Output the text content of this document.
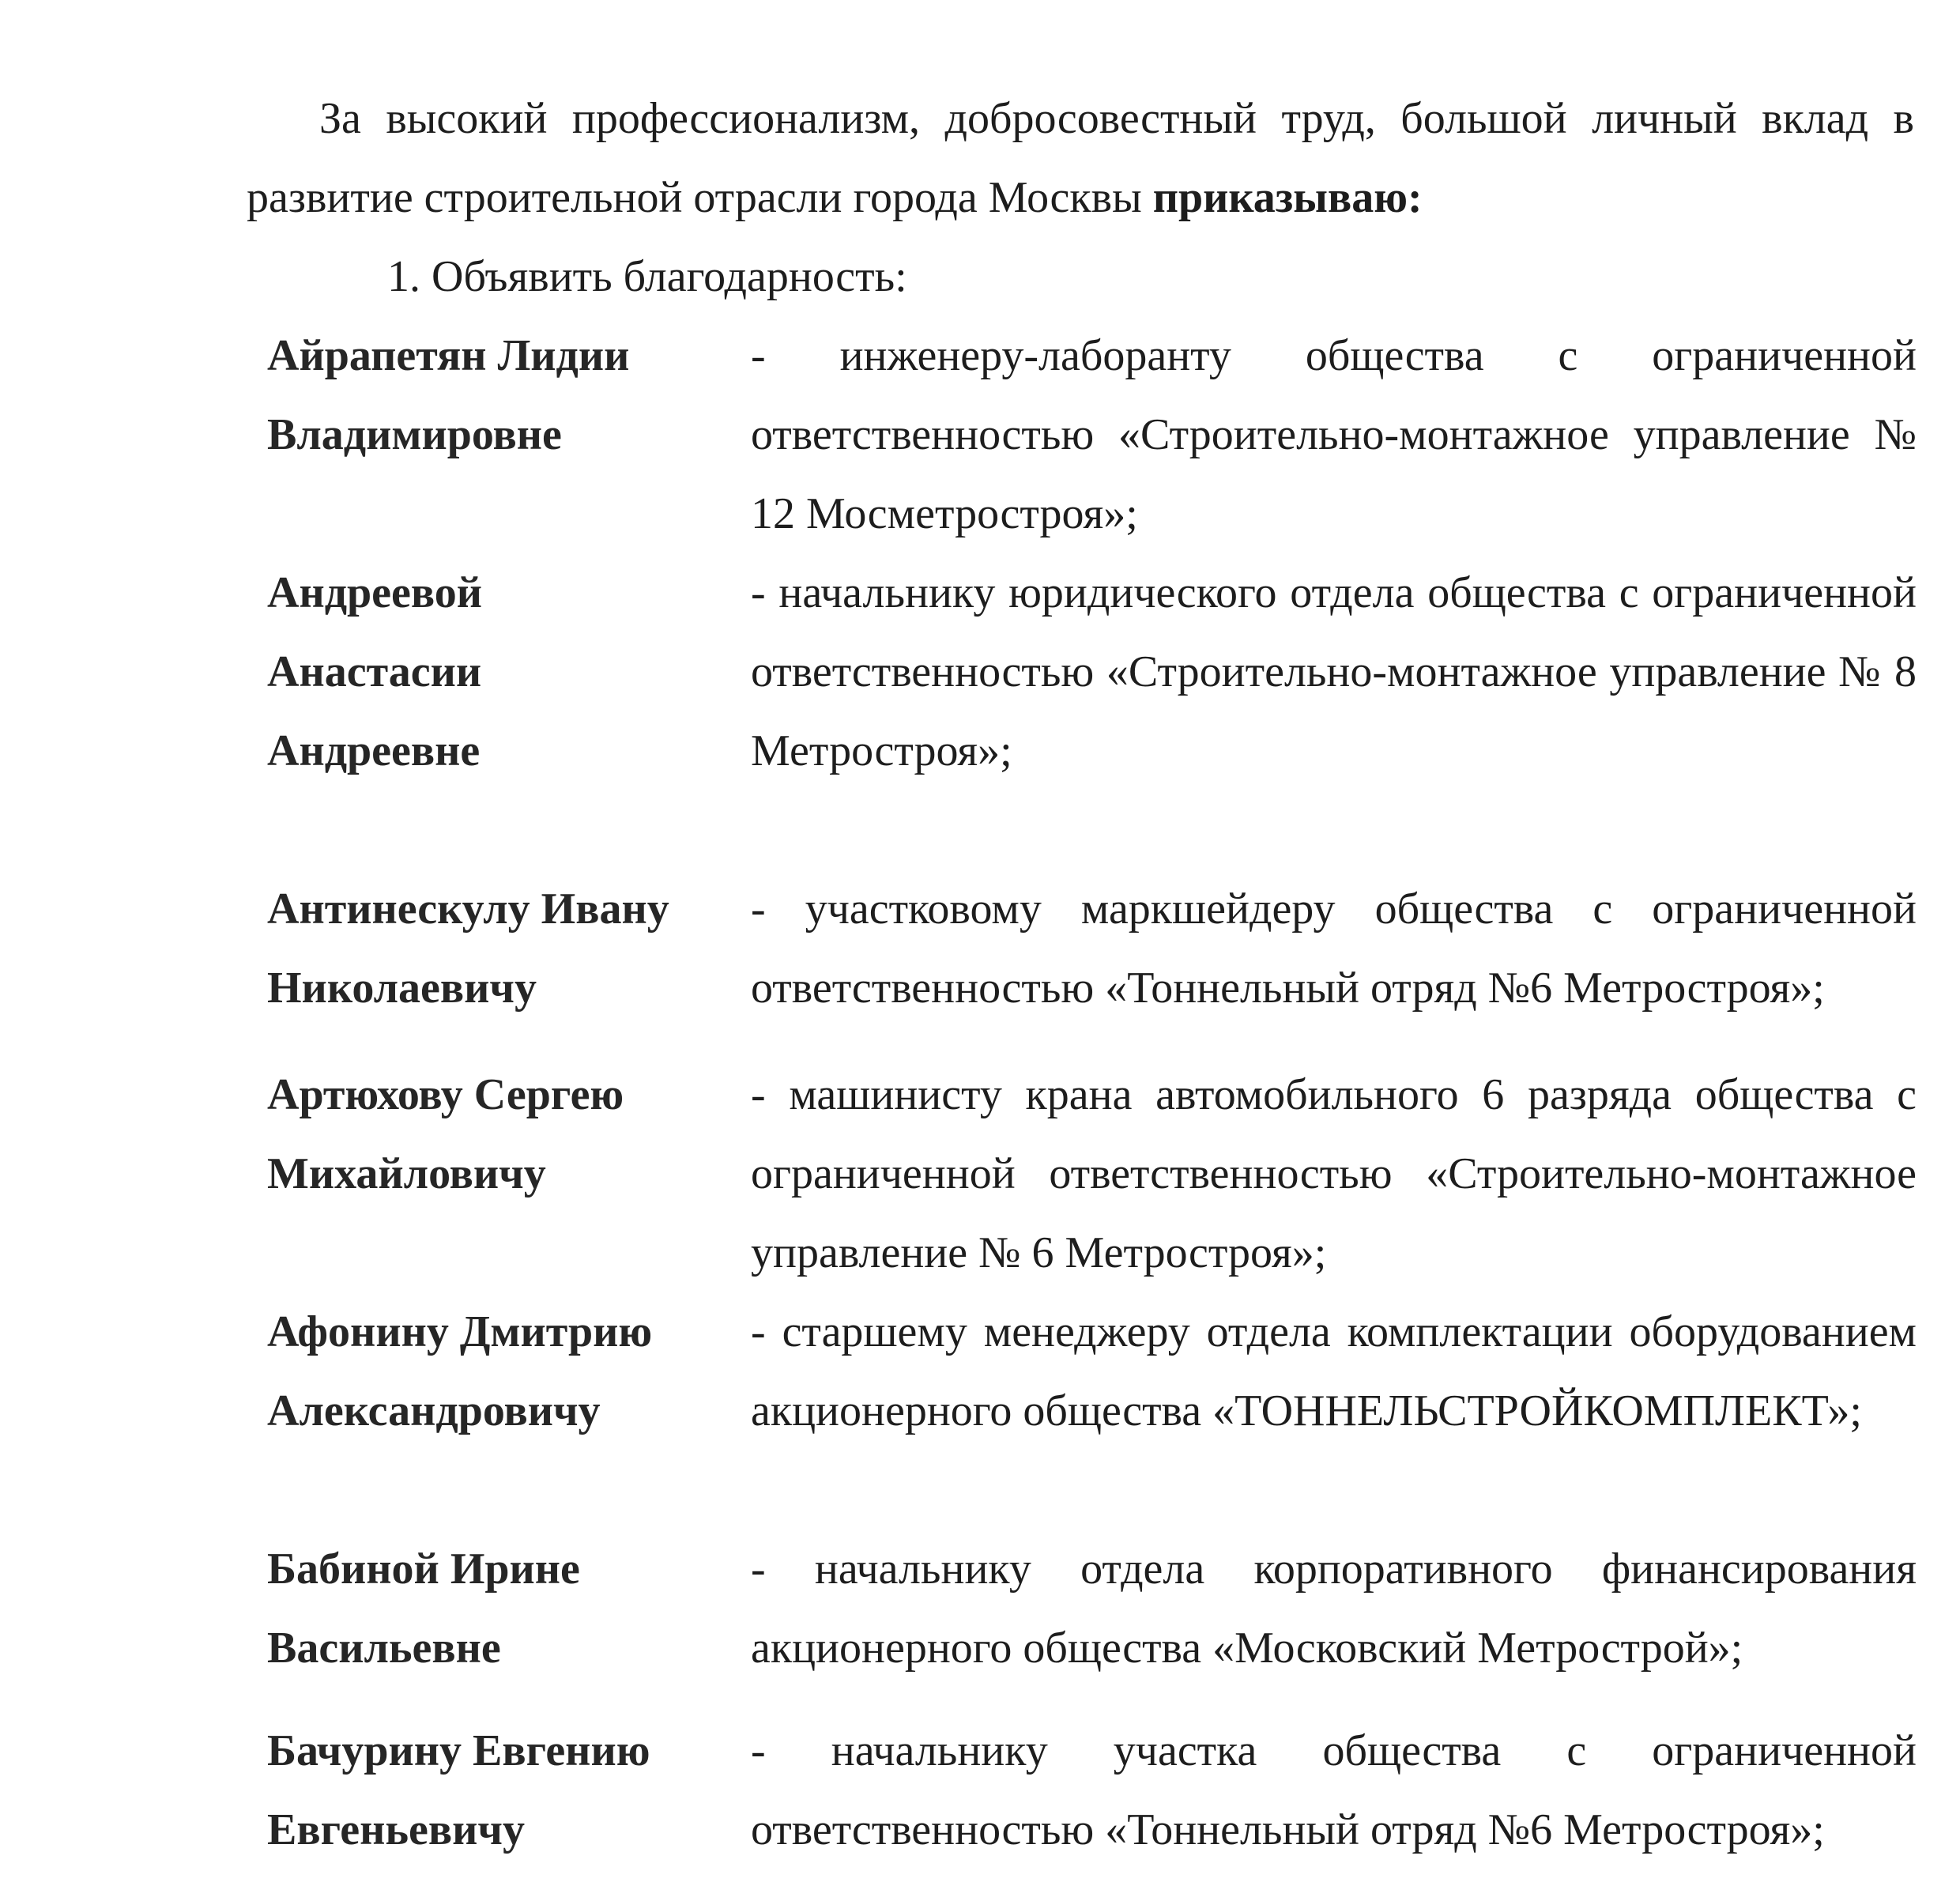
За высокий профессионализм, добросовестный труд, большой личный вклад в развитие строительной отрасли города Москвы приказываю:

1. Объявить благодарность:

Айрапетян Лидии
Владимировне
- инженеру-лаборанту общества с ограниченной ответственностью «Строительно-монтажное управление № 12 Мосметростроя»;
Андреевой
Анастасии
Андреевне
- начальнику юридического отдела общества с ограниченной ответственностью «Строительно-монтажное управление № 8 Метростроя»;
Антинескулу Ивану
Николаевичу
- участковому маркшейдеру общества с ограниченной ответственностью «Тоннельный отряд №6 Метростроя»;
Артюхову Сергею
Михайловичу
- машинисту крана автомобильного 6 разряда общества с ограниченной ответственностью «Строительно-монтажное управление № 6 Метростроя»;
Афонину Дмитрию
Александровичу
- старшему менеджеру отдела комплектации оборудованием акционерного общества «ТОННЕЛЬСТРОЙКОМПЛЕКТ»;
Бабиной Ирине
Васильевне
- начальнику отдела корпоративного финансирования акционерного общества «Московский Метрострой»;
Бачурину Евгению
Евгеньевичу
- начальнику участка общества с ограниченной ответственностью «Тоннельный отряд №6 Метростроя»;
